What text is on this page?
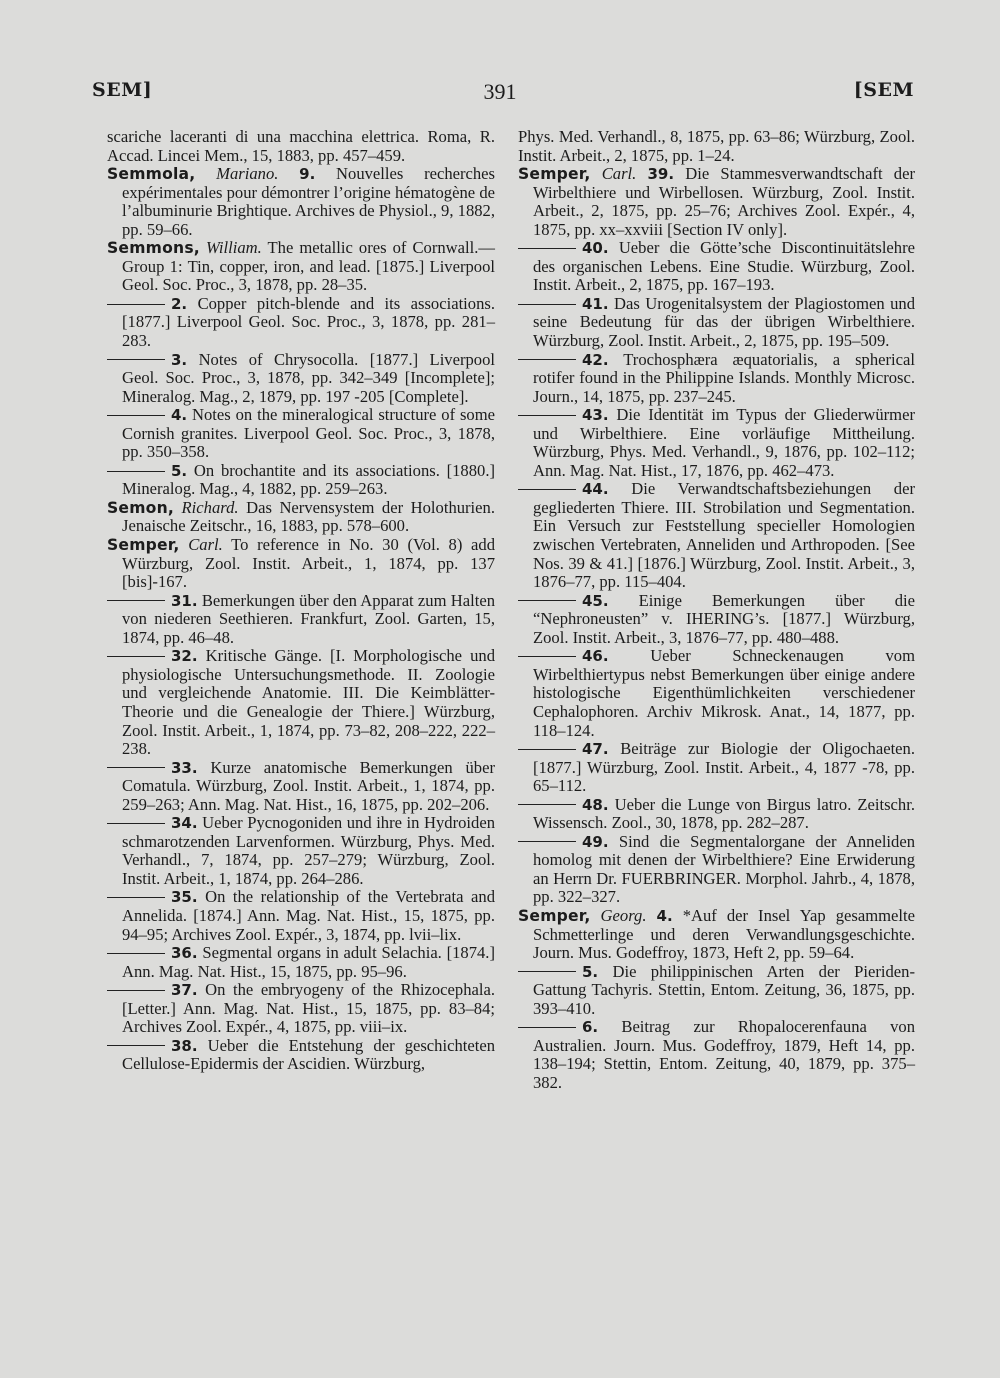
SEM]	391	[SEM

scariche laceranti di una macchina elettrica. Roma, R. Accad. Lincei Mem., 15, 1883, pp. 457–459.

Semmola, Mariano. 9. Nouvelles recherches expérimentales pour démontrer l’origine hématogène de l’albuminurie Brightique. Archives de Physiol., 9, 1882, pp. 59–66.

Semmons, William. The metallic ores of Cornwall.—Group 1: Tin, copper, iron, and lead. [1875.] Liverpool Geol. Soc. Proc., 3, 1878, pp. 28–35.

2. Copper pitch-blende and its associations. [1877.] Liverpool Geol. Soc. Proc., 3, 1878, pp. 281–283.

3. Notes of Chrysocolla. [1877.] Liverpool Geol. Soc. Proc., 3, 1878, pp. 342–349 [Incomplete]; Mineralog. Mag., 2, 1879, pp. 197 -205 [Complete].

4. Notes on the mineralogical structure of some Cornish granites. Liverpool Geol. Soc. Proc., 3, 1878, pp. 350–358.

5. On brochantite and its associations. [1880.] Mineralog. Mag., 4, 1882, pp. 259–263.

Semon, Richard. Das Nervensystem der Holothurien. Jenaische Zeitschr., 16, 1883, pp. 578–600.

Semper, Carl. To reference in No. 30 (Vol. 8) add Würzburg, Zool. Instit. Arbeit., 1, 1874, pp. 137 [bis]-167.

31. Bemerkungen über den Apparat zum Halten von niederen Seethieren. Frankfurt, Zool. Garten, 15, 1874, pp. 46–48.

32. Kritische Gänge. [I. Morphologische und physiologische Untersuchungsmethode. II. Zoologie und vergleichende Anatomie. III. Die Keimblätter-Theorie und die Genealogie der Thiere.] Würzburg, Zool. Instit. Arbeit., 1, 1874, pp. 73–82, 208–222, 222–238.

33. Kurze anatomische Bemerkungen über Comatula. Würzburg, Zool. Instit. Arbeit., 1, 1874, pp. 259–263; Ann. Mag. Nat. Hist., 16, 1875, pp. 202–206.

34. Ueber Pycnogoniden und ihre in Hydroiden schmarotzenden Larvenformen. Würzburg, Phys. Med. Verhandl., 7, 1874, pp. 257–279; Würzburg, Zool. Instit. Arbeit., 1, 1874, pp. 264–286.

35. On the relationship of the Vertebrata and Annelida. [1874.] Ann. Mag. Nat. Hist., 15, 1875, pp. 94–95; Archives Zool. Expér., 3, 1874, pp. lvii–lix.

36. Segmental organs in adult Selachia. [1874.] Ann. Mag. Nat. Hist., 15, 1875, pp. 95–96.

37. On the embryogeny of the Rhizocephala. [Letter.] Ann. Mag. Nat. Hist., 15, 1875, pp. 83–84; Archives Zool. Expér., 4, 1875, pp. viii–ix.

38. Ueber die Entstehung der geschichteten Cellulose-Epidermis der Ascidien. Würzburg,

Phys. Med. Verhandl., 8, 1875, pp. 63–86; Würzburg, Zool. Instit. Arbeit., 2, 1875, pp. 1–24.

Semper, Carl. 39. Die Stammesverwandtschaft der Wirbelthiere und Wirbellosen. Würzburg, Zool. Instit. Arbeit., 2, 1875, pp. 25–76; Archives Zool. Expér., 4, 1875, pp. xx–xxviii [Section IV only].

40. Ueber die Götte’sche Discontinuitätslehre des organischen Lebens. Eine Studie. Würzburg, Zool. Instit. Arbeit., 2, 1875, pp. 167–193.

41. Das Urogenitalsystem der Plagiostomen und seine Bedeutung für das der übrigen Wirbelthiere. Würzburg, Zool. Instit. Arbeit., 2, 1875, pp. 195–509.

42. Trochosphæra æquatorialis, a spherical rotifer found in the Philippine Islands. Monthly Microsc. Journ., 14, 1875, pp. 237–245.

43. Die Identität im Typus der Gliederwürmer und Wirbelthiere. Eine vorläufige Mittheilung. Würzburg, Phys. Med. Verhandl., 9, 1876, pp. 102–112; Ann. Mag. Nat. Hist., 17, 1876, pp. 462–473.

44. Die Verwandtschaftsbeziehungen der gegliederten Thiere. III. Strobilation und Segmentation. Ein Versuch zur Feststellung specieller Homologien zwischen Vertebraten, Anneliden und Arthropoden. [See Nos. 39 & 41.] [1876.] Würzburg, Zool. Instit. Arbeit., 3, 1876–77, pp. 115–404.

45. Einige Bemerkungen über die “Nephroneusten” v. IHERING’s. [1877.] Würzburg, Zool. Instit. Arbeit., 3, 1876–77, pp. 480–488.

46.	Ueber Schneckenaugen vom Wirbelthiertypus nebst Bemerkungen über einige andere histologische Eigenthümlichkeiten verschiedener Cephalophoren. Archiv Mikrosk. Anat., 14, 1877, pp. 118–124.

47. Beiträge zur Biologie der Oligochaeten. [1877.] Würzburg, Zool. Instit. Arbeit., 4, 1877 -78, pp. 65–112.

48. Ueber die Lunge von Birgus latro. Zeitschr. Wissensch. Zool., 30, 1878, pp. 282–287.

49. Sind die Segmentalorgane der Anneliden homolog mit denen der Wirbelthiere? Eine Erwiderung an Herrn Dr. FUERBRINGER. Morphol. Jahrb., 4, 1878, pp. 322–327.

Semper, Georg. 4. *Auf der Insel Yap gesammelte Schmetterlinge und deren Verwandlungsgeschichte. Journ. Mus. Godeffroy, 1873, Heft 2, pp. 59–64.

5. Die philippinischen Arten der Pieriden-Gattung Tachyris. Stettin, Entom. Zeitung, 36, 1875, pp. 393–410.

6. Beitrag zur Rhopalocerenfauna von Australien. Journ. Mus. Godeffroy, 1879, Heft 14, pp. 138–194; Stettin, Entom. Zeitung, 40, 1879, pp. 375–382.
